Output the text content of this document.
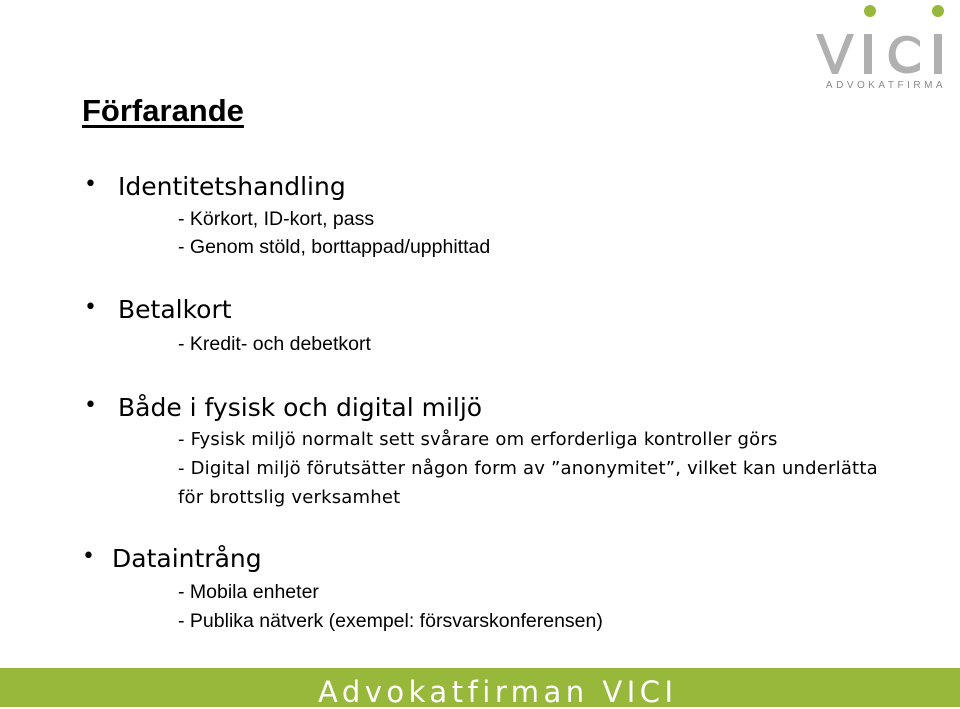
ADVOKATFIRMA
Förfarande
• Identitetshandling
- Körkort, ID-kort, pass
- Genom stöld, borttappad/upphittad
• Betalkort
- Kredit- och debetkort
• Både i fysisk och digital miljö
- Fysisk miljö normalt sett svårare om erforderliga kontroller görs
- Digital miljö förutsätter någon form av ”anonymitet”, vilket kan underlätta
för brottslig verksamhet
• Dataintrång
- Mobila enheter
- Publika nätverk (exempel: försvarskonferensen)
Advokatfirman VICI
